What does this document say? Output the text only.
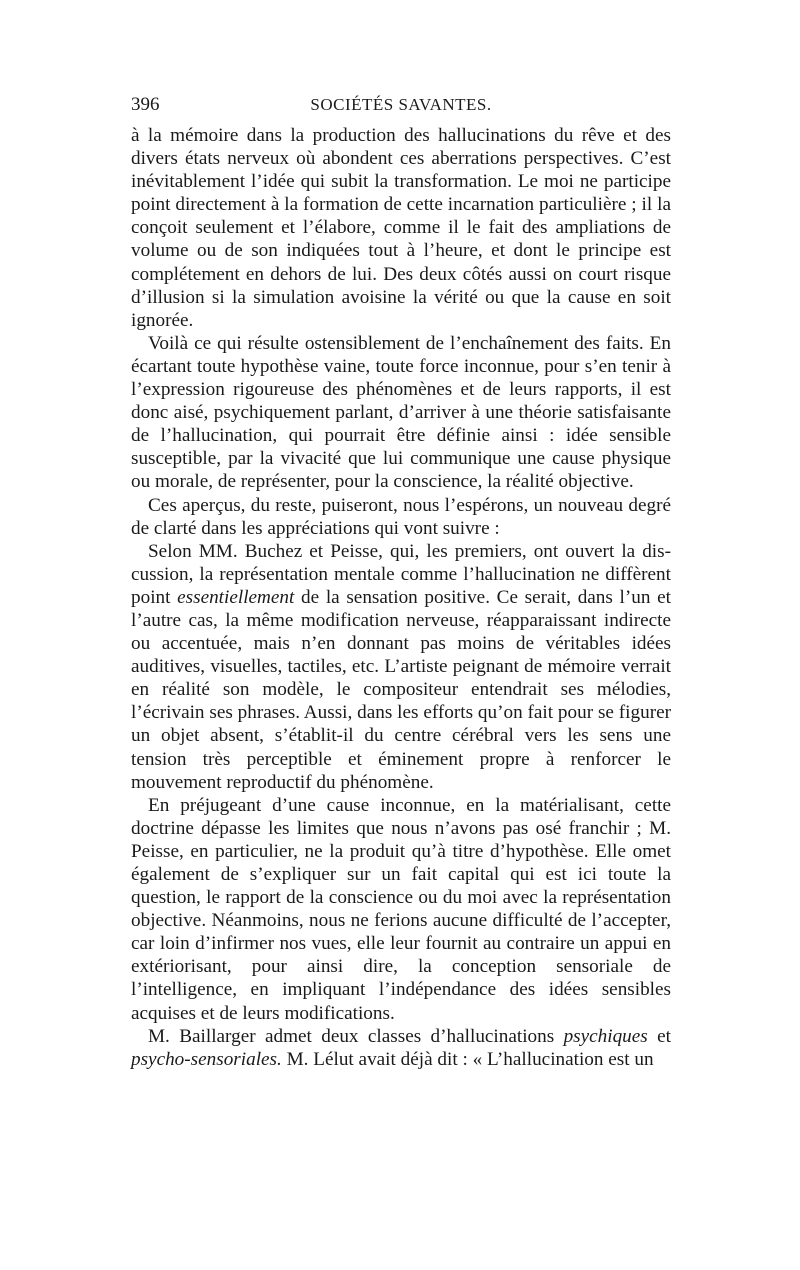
396	SOCIÉTÉS SAVANTES.

à la mémoire dans la production des hallucinations du rêve et des divers états nerveux où abondent ces aberrations perspectives. C’est inévitablement l’idée qui subit la transformation. Le moi ne participe point directement à la formation de cette incarnation particulière ; il la conçoit seulement et l’élabore, comme il le fait des ampliations de volume ou de son indiquées tout à l’heure, et dont le principe est complétement en dehors de lui. Des deux côtés aussi on court risque d’illusion si la simulation avoisine la vérité ou que la cause en soit ignorée.

Voilà ce qui résulte ostensiblement de l’enchaînement des faits. En écartant toute hypothèse vaine, toute force inconnue, pour s’en tenir à l’expression rigoureuse des phénomènes et de leurs rapports, il est donc aisé, psychiquement parlant, d’arriver à une théorie satisfaisante de l’hallucination, qui pourrait être définie ainsi : idée sensible susceptible, par la vivacité que lui communique une cause physique ou morale, de représenter, pour la conscience, la réalité objective.

Ces aperçus, du reste, puiseront, nous l’espérons, un nouveau degré de clarté dans les appréciations qui vont suivre :

Selon MM. Buchez et Peisse, qui, les premiers, ont ouvert la discussion, la représentation mentale comme l’hallucination ne diffèrent point essentiellement de la sensation positive. Ce serait, dans l’un et l’autre cas, la même modification nerveuse, réapparaissant indirecte ou accentuée, mais n’en donnant pas moins de véritables idées auditives, visuelles, tactiles, etc. L’artiste peignant de mémoire verrait en réalité son modèle, le compositeur entendrait ses mélodies, l’écrivain ses phrases. Aussi, dans les efforts qu’on fait pour se figurer un objet absent, s’établit-il du centre cérébral vers les sens une tension très perceptible et éminement propre à renforcer le mouvement reproductif du phénomène.

En préjugeant d’une cause inconnue, en la matérialisant, cette doctrine dépasse les limites que nous n’avons pas osé franchir ; M. Peisse, en particulier, ne la produit qu’à titre d’hypothèse. Elle omet également de s’expliquer sur un fait capital qui est ici toute la question, le rapport de la conscience ou du moi avec la représentation objective. Néanmoins, nous ne ferions aucune difficulté de l’accepter, car loin d’infirmer nos vues, elle leur fournit au contraire un appui en extériorisant, pour ainsi dire, la conception sensoriale de l’intelligence, en impliquant l’indépendance des idées sensibles acquises et de leurs modifications.

M. Baillarger admet deux classes d’hallucinations psychiques et psycho-sensoriales. M. Lélut avait déjà dit : « L’hallucination est un
